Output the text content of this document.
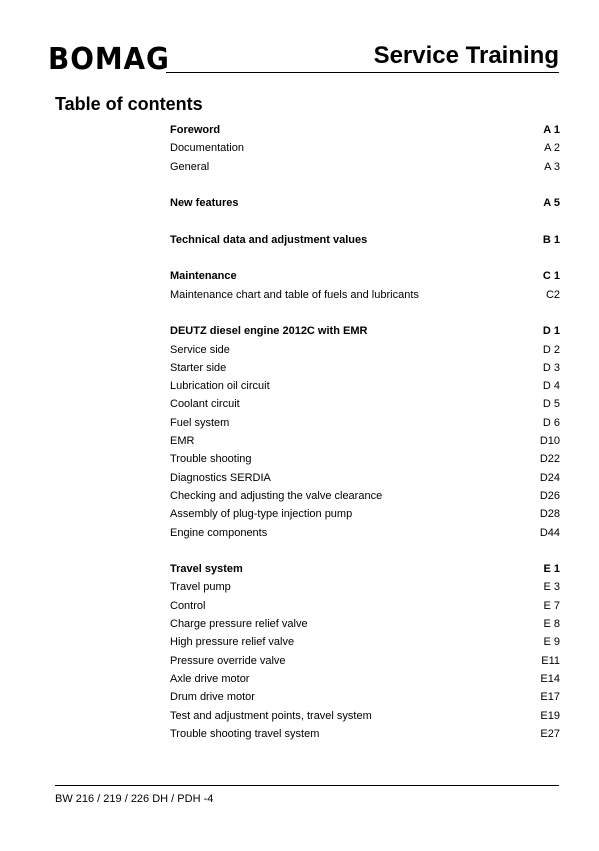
BOMAG	Service Training
Table of contents
Foreword	A 1
Documentation	A 2
General	A 3
New features	A 5
Technical data and adjustment values	B 1
Maintenance	C 1
Maintenance chart and table of fuels and lubricants	C2
DEUTZ diesel engine 2012C with EMR	D 1
Service side	D 2
Starter side	D 3
Lubrication oil circuit	D 4
Coolant circuit	D 5
Fuel system	D 6
EMR	D10
Trouble shooting	D22
Diagnostics SERDIA	D24
Checking and adjusting the valve clearance	D26
Assembly of plug-type injection pump	D28
Engine components	D44
Travel system	E 1
Travel pump	E 3
Control	E 7
Charge pressure relief valve	E 8
High pressure relief valve	E 9
Pressure override valve	E11
Axle drive motor	E14
Drum drive motor	E17
Test and adjustment points, travel system	E19
Trouble shooting travel system	E27
BW 216 / 219 / 226 DH / PDH -4
